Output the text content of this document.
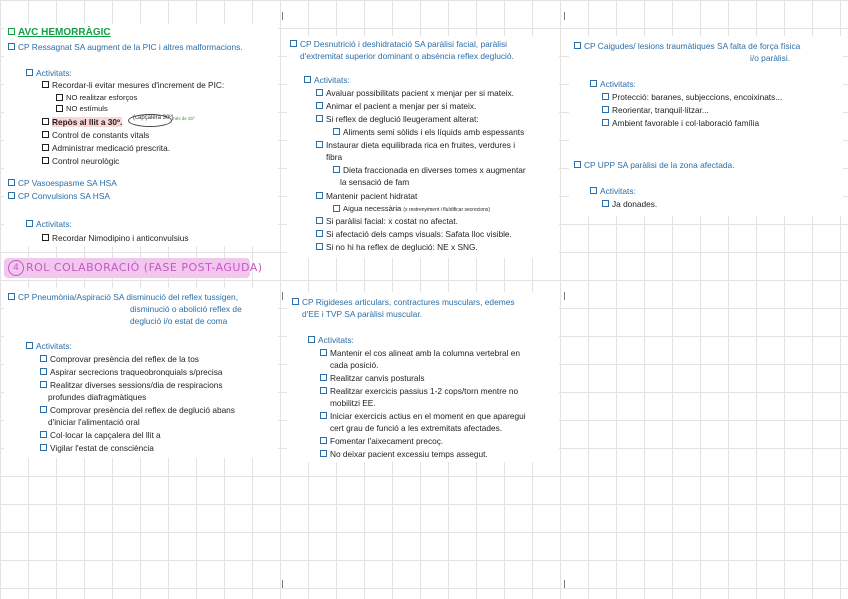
AVC HEMORRÀGIC
CP Ressagnat SA augment de la PIC i altres malformacions.
Activitats:
Recordar-li evitar mesures d'increment de PIC:
NO realitzar esforços
NO estímuls
Repòs al llit a 30º. (capçalera 30º)
més de 30º
Control de constants vitals
Administrar medicació prescrita.
Control neurològic
CP Vasoespasme SA HSA
CP Convulsions SA HSA
Activitats:
Recordar Nimodipino i anticonvulsius
4 ROL COLABORACIÓ (FASE POST-AGUDA)
CP Pneumònia/Aspiració SA disminució del reflex tussigen,
disminució o abolició reflex de
deglució i/o estat de coma
Activitats:
Comprovar presència del reflex de la tos
Aspirar secrecions traqueobronquials s/precisa
Realitzar diverses sessions/dia de respiracions
profundes diafragmàtiques
Comprovar presència del reflex de deglució abans
d'iniciar l'alimentació oral
Col·locar la capçalera del llit a
Vigilar l'estat de consciència
CP Desnutrició i deshidratació SA paràlisi facial, paràlisi
d'extremitat superior dominant o absència reflex deglució.
Activitats:
Avaluar possibilitats pacient x menjar per si mateix.
Animar el pacient a menjar per si mateix.
Si reflex de deglució lleugerament alterat:
Aliments semi sòlids i els líquids amb espessants
Instaurar dieta equilibrada rica en fruites, verdures i
fibra
Dieta fraccionada en diverses tomes x augmentar
la sensació de fam
Mantenir pacient hidratat
Aigua necessària (x restrenyiment i fluïdificar secrecions)
Si paràlisi facial: x costat no afectat.
Si afectació dels camps visuals: Safata lloc visible.
Si no hi ha reflex de deglució: NE x SNG.
CP Rigideses articulars, contractures musculars, edemes
d'EE i TVP SA paràlisi muscular.
Activitats:
Mantenir el cos alineat amb la columna vertebral en
cada posició.
Realitzar canvis posturals
Realitzar exercicis passius 1-2 cops/torn mentre no
mobilitzi EE.
Iniciar exercicis actius en el moment en que aparegui
cert grau de funció a les extremitats afectades.
Fomentar l'aixecament precoç.
No deixar pacient excessiu temps assegut.
CP Caigudes/ lesions traumàtiques SA falta de força física
i/o paràlisi.
Activitats:
Protecció: baranes, subjeccions, encoixinats...
Reorientar, tranquil·litzar...
Ambient favorable i col·laboració família
CP UPP SA paràlisi de la zona afectada.
Activitats:
Ja donades.
